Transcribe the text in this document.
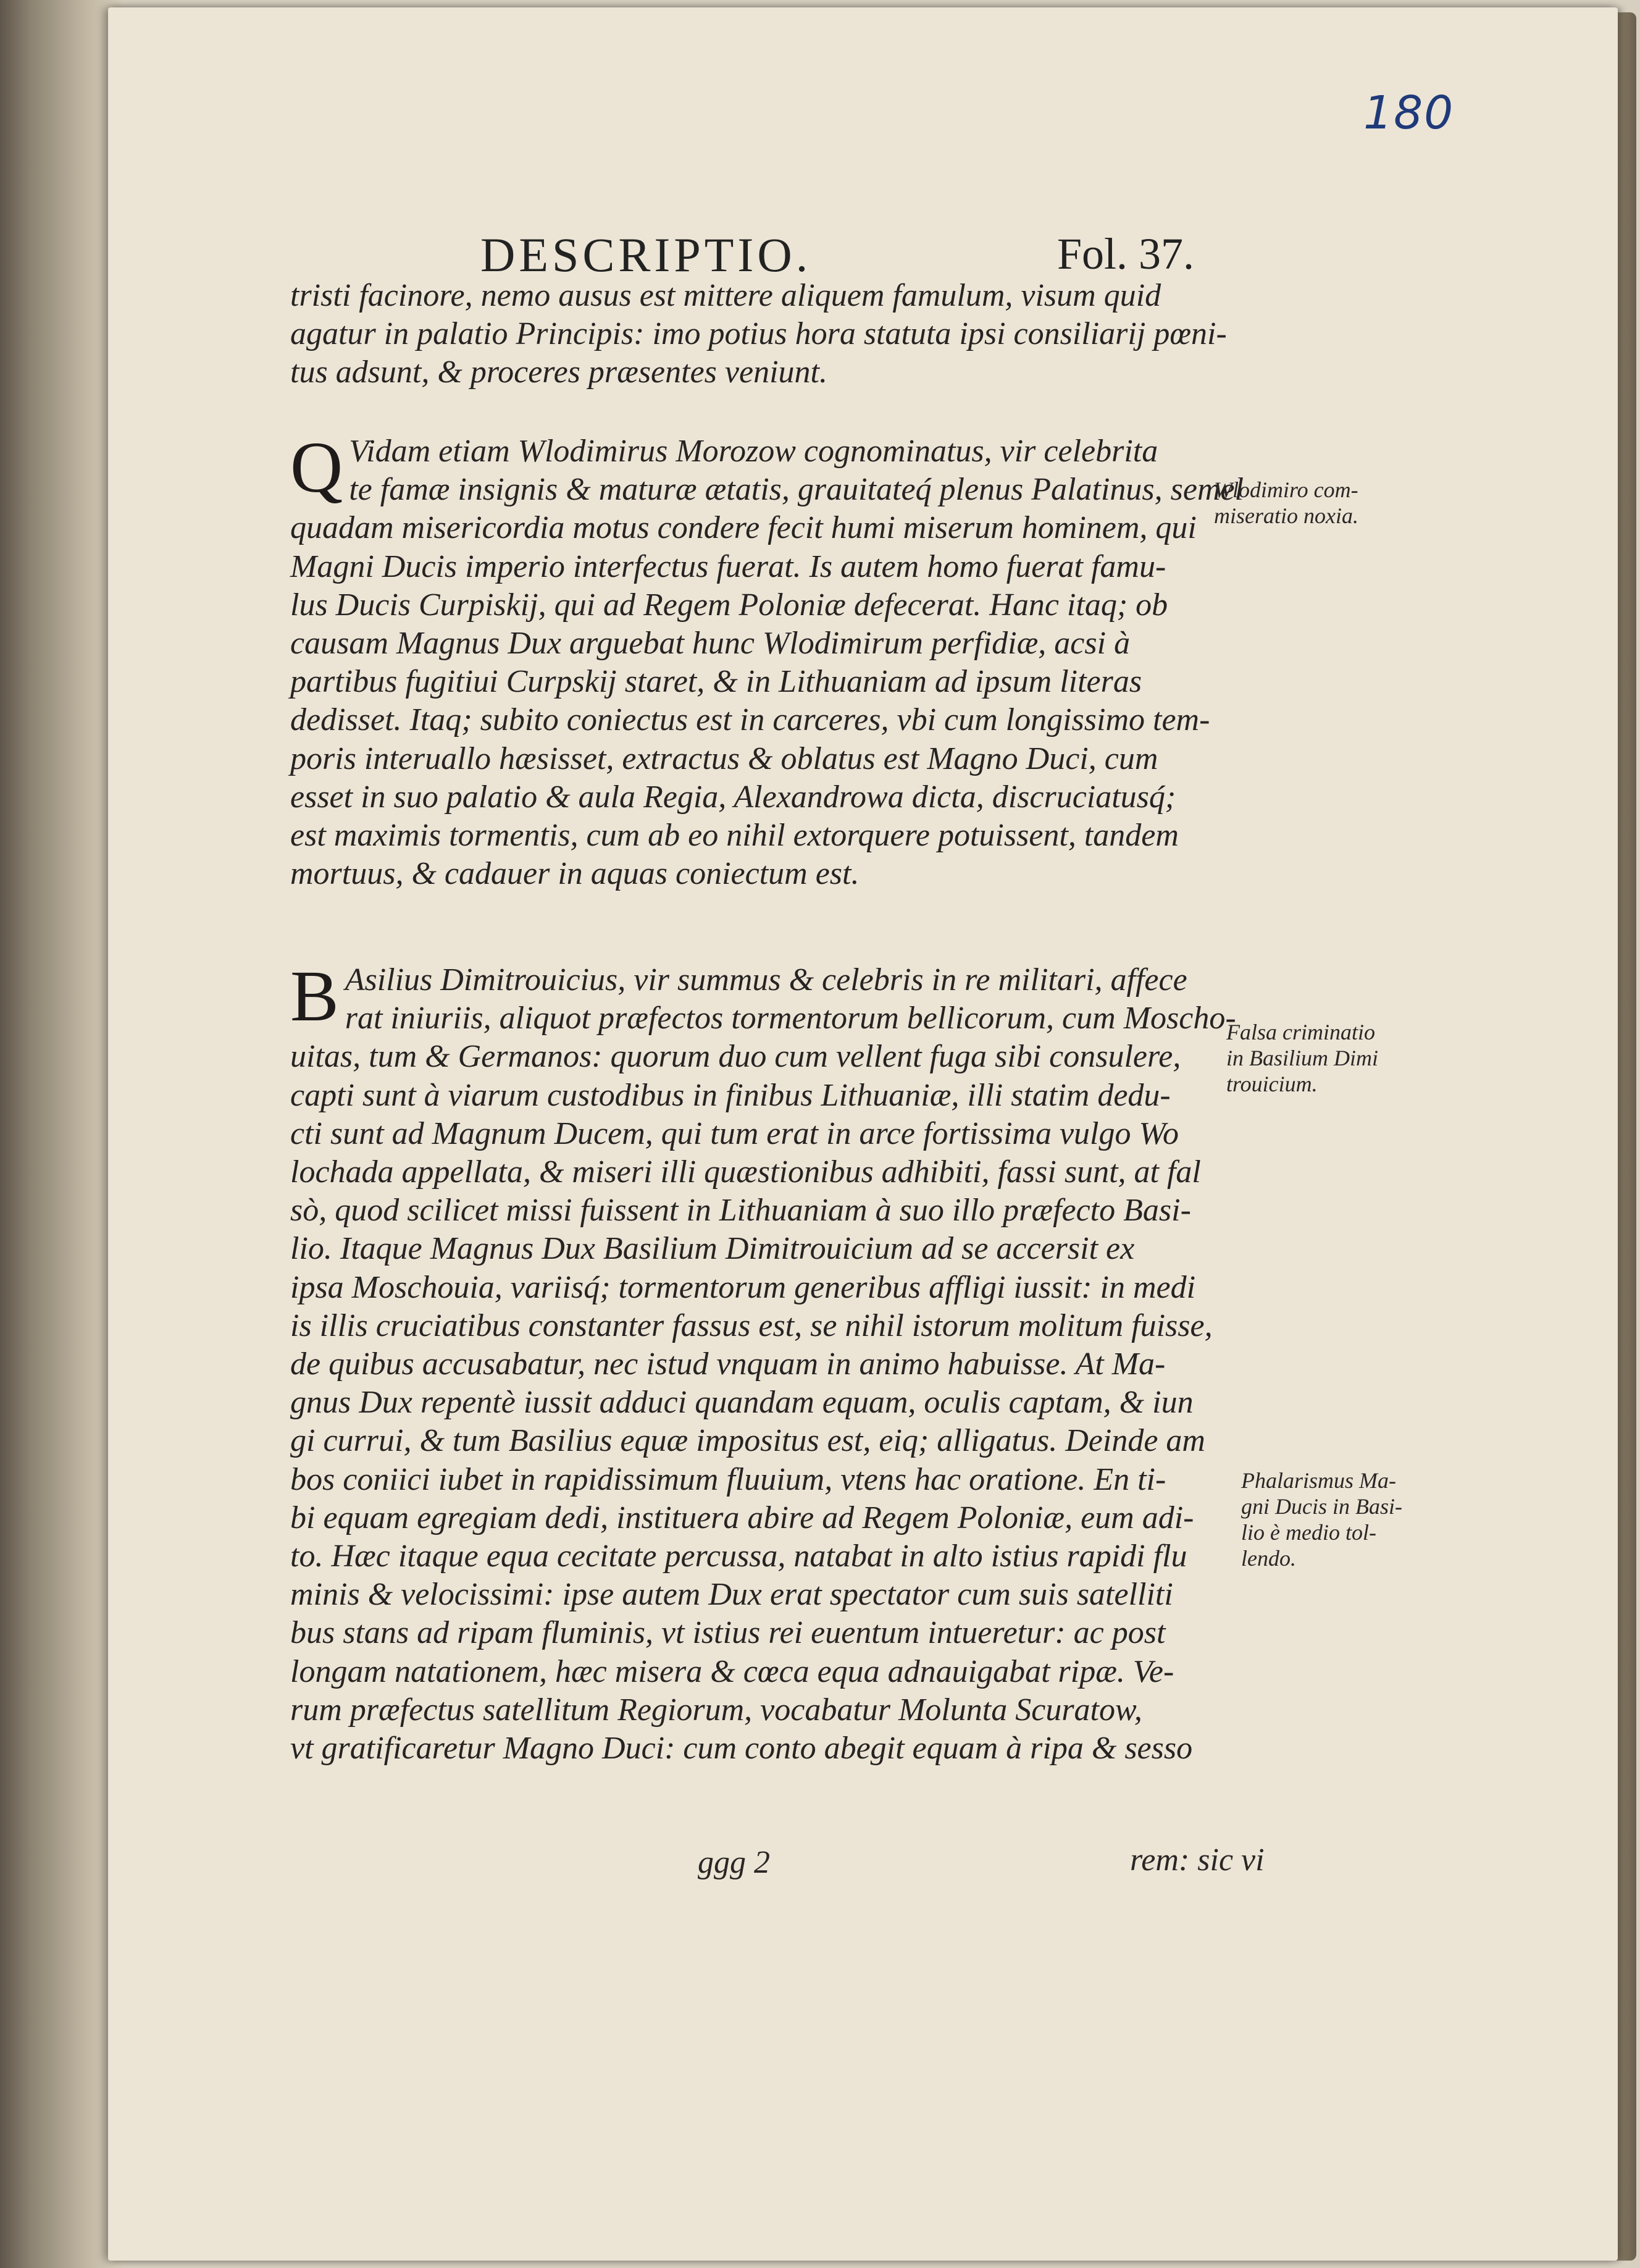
180
DESCRIPTIO.	Fol. 37.
tristi facinore, nemo ausus est mittere aliquem famulum, visum quid
agatur in palatio Principis: imo potius hora statuta ipsi consiliarij pœni-
tus adsunt, & proceres præsentes veniunt.
Q Vidam etiam Wlodimirus Morozow cognominatus, vir celebrita
te famæ insignis & maturæ ætatis, grauitateq́ plenus Palatinus, semel
quadam misericordia motus condere fecit humi miserum hominem, qui
Magni Ducis imperio interfectus fuerat. Is autem homo fuerat famu-
lus Ducis Curpiskij, qui ad Regem Poloniæ defecerat. Hanc itaq; ob
causam Magnus Dux arguebat hunc Wlodimirum perfidiæ, acsi à
partibus fugitiui Curpskij staret, & in Lithuaniam ad ipsum literas
dedisset. Itaq; subito coniectus est in carceres, vbi cum longissimo tem-
poris interuallo hæsisset, extractus & oblatus est Magno Duci, cum
esset in suo palatio & aula Regia, Alexandrowa dicta, discruciatusq́;
est maximis tormentis, cum ab eo nihil extorquere potuissent, tandem
mortuus, & cadauer in aquas coniectum est.
B Asilius Dimitrouicius, vir summus & celebris in re militari, affece
rat iniuriis, aliquot præfectos tormentorum bellicorum, cum Moscho-
uitas, tum & Germanos: quorum duo cum vellent fuga sibi consulere,
capti sunt à viarum custodibus in finibus Lithuaniæ, illi statim dedu-
cti sunt ad Magnum Ducem, qui tum erat in arce fortissima vulgo Wo
lochada appellata, & miseri illi quæstionibus adhibiti, fassi sunt, at fal
sò, quod scilicet missi fuissent in Lithuaniam à suo illo præfecto Basi-
lio. Itaque Magnus Dux Basilium Dimitrouicium ad se accersit ex
ipsa Moschouia, variisq́; tormentorum generibus affligi iussit: in medi
is illis cruciatibus constanter fassus est, se nihil istorum molitum fuisse,
de quibus accusabatur, nec istud vnquam in animo habuisse. At Ma-
gnus Dux repentè iussit adduci quandam equam, oculis captam, & iun
gi currui, & tum Basilius equæ impositus est, eiq; alligatus. Deinde am
bos coniici iubet in rapidissimum fluuium, vtens hac oratione. En ti-
bi equam egregiam dedi, instituera abire ad Regem Poloniæ, eum adi-
to. Hæc itaque equa cecitate percussa, natabat in alto istius rapidi flu
minis & velocissimi: ipse autem Dux erat spectator cum suis satelliti
bus stans ad ripam fluminis, vt istius rei euentum intueretur: ac post
longam natationem, hæc misera & cœca equa adnauigabat ripæ. Ve-
rum præfectus satellitum Regiorum, vocabatur Molunta Scuratow,
vt gratificaretur Magno Duci: cum conto abegit equam à ripa & sesso
Wlodimiro com-
miseratio noxia.
Falsa criminatio
in Basilium Dimi
trouicium.
Phalarismus Ma-
gni Ducis in Basi-
lio è medio tol-
lendo.
ggg 2	rem: sic vi
